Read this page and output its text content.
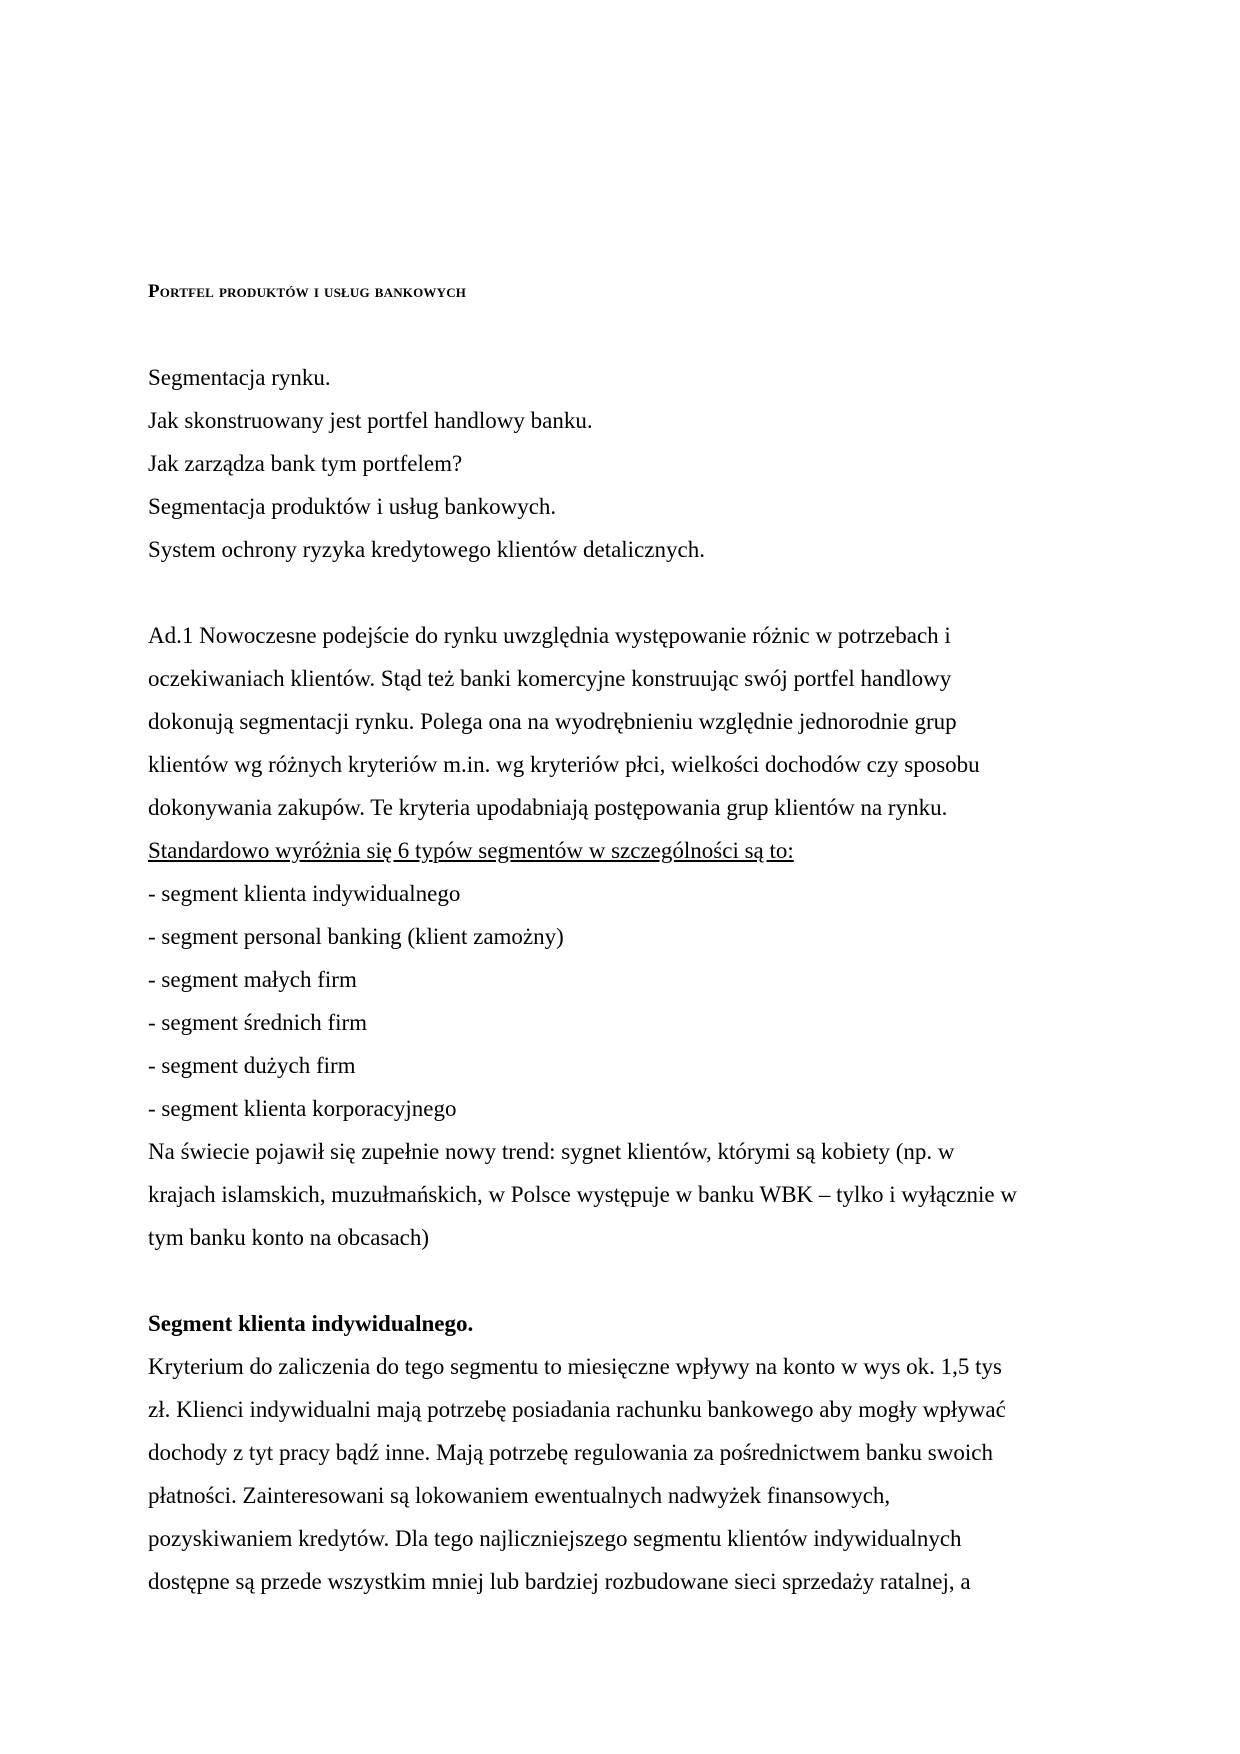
Portfel produktów i usług bankowych

Segmentacja rynku.

Jak skonstruowany jest portfel handlowy banku.

Jak zarządza bank tym portfelem?

Segmentacja produktów i usług bankowych.

System ochrony ryzyka kredytowego klientów detalicznych.

Ad.1 Nowoczesne podejście do rynku uwzględnia występowanie różnic w potrzebach i

oczekiwaniach klientów. Stąd też banki komercyjne konstruując swój portfel handlowy

dokonują segmentacji rynku. Polega ona na wyodrębnieniu względnie jednorodnie grup

klientów wg różnych kryteriów m.in. wg kryteriów płci, wielkości dochodów czy sposobu

dokonywania zakupów. Te kryteria upodabniają postępowania grup klientów na rynku.

Standardowo wyróżnia się 6 typów segmentów w szczególności są to:

- segment klienta indywidualnego

- segment personal banking (klient zamożny)

- segment małych firm

- segment średnich firm

- segment dużych firm

- segment klienta korporacyjnego

Na świecie pojawił się zupełnie nowy trend: sygnet klientów, którymi są kobiety (np. w

krajach islamskich, muzułmańskich, w Polsce występuje w banku WBK – tylko i wyłącznie w

tym banku konto na obcasach)

Segment klienta indywidualnego.

Kryterium do zaliczenia do tego segmentu to miesięczne wpływy na konto w wys ok. 1,5 tys

zł. Klienci indywidualni mają potrzebę posiadania rachunku bankowego aby mogły wpływać

dochody z tyt pracy bądź inne. Mają potrzebę regulowania za pośrednictwem banku swoich

płatności. Zainteresowani są lokowaniem ewentualnych nadwyżek finansowych,

pozyskiwaniem kredytów. Dla tego najliczniejszego segmentu klientów indywidualnych

dostępne są przede wszystkim mniej lub bardziej rozbudowane sieci sprzedaży ratalnej, a
